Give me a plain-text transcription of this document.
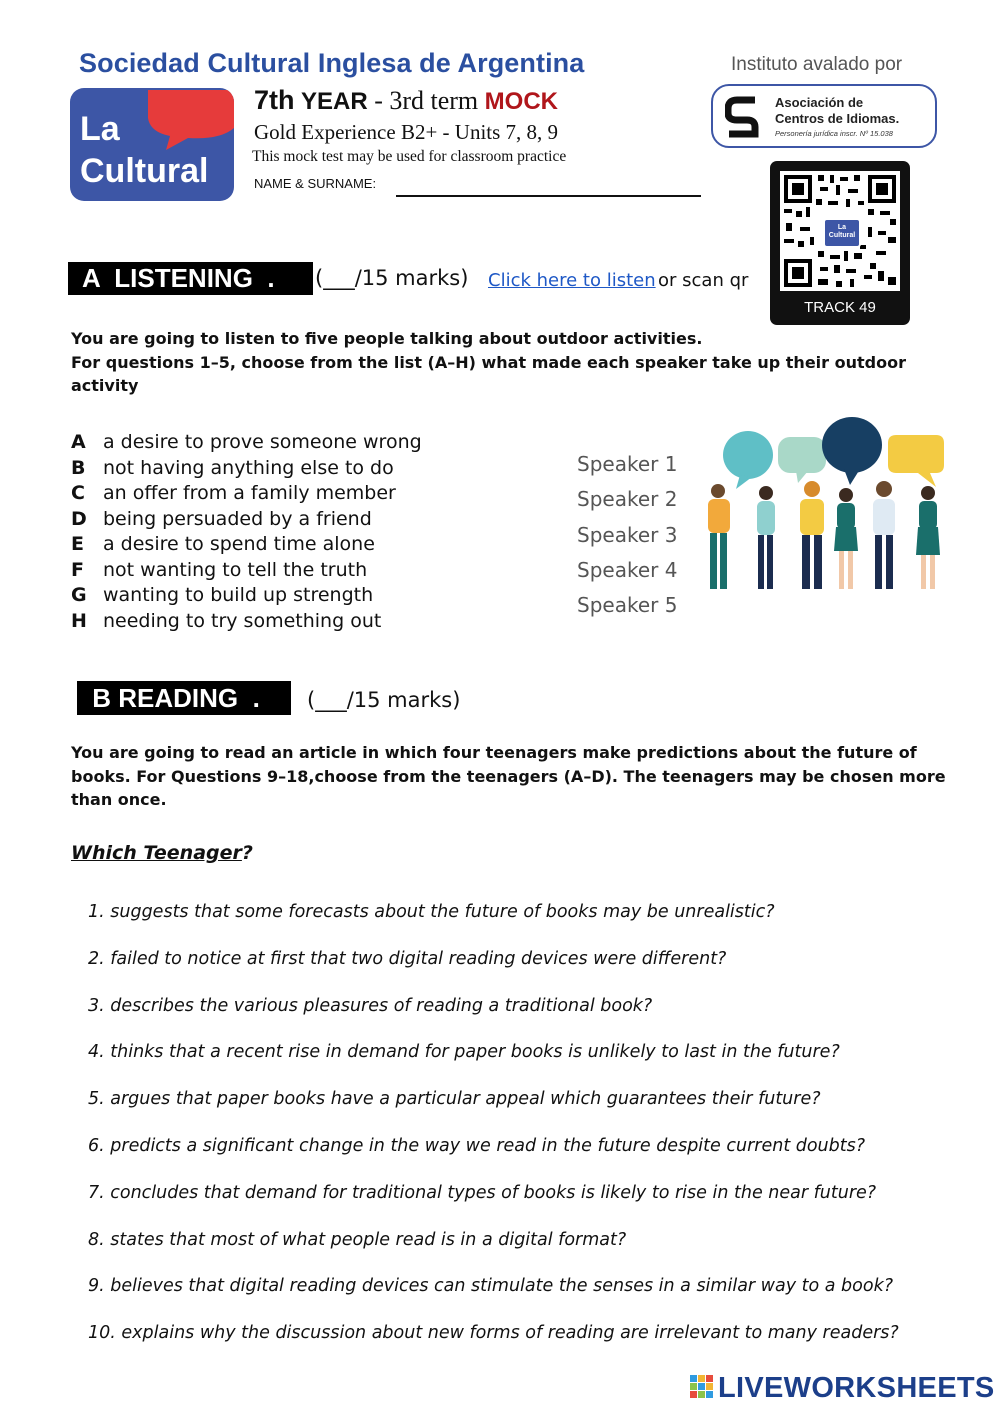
Sociedad Cultural Inglesa de Argentina
La
Cultural
7th YEAR - 3rd term MOCK
Gold Experience B2+ - Units 7, 8, 9
This mock test may be used for classroom practice
NAME & SURNAME:
Instituto avalado por
Asociación de
Centros de Idiomas.
Personería jurídica inscr. Nº 15.038
La
Cultural
TRACK 49
A  LISTENING  .	(___/15 marks) Click here to listen or scan qr
You are going to listen to five people talking about outdoor activities.
For questions 1–5, choose from the list (A–H) what made each speaker take up their outdoor activity
A a desire to prove someone wrong
B not having anything else to do
C an offer from a family member
D being persuaded by a friend
E a desire to spend time alone
F not wanting to tell the truth
G wanting to build up strength
H needing to try something out
Speaker 1
Speaker 2
Speaker 3
Speaker 4
Speaker 5
B READING  .	(___/15 marks)
You are going to read an article in which four teenagers make predictions about the future of books. For Questions 9–18,choose from the teenagers (A–D). The teenagers may be chosen more than once.
Which Teenager?
1. suggests that some forecasts about the future of books may be unrealistic?
2. failed to notice at first that two digital reading devices were different?
3. describes the various pleasures of reading a traditional book?
4. thinks that a recent rise in demand for paper books is unlikely to last in the future?
5. argues that paper books have a particular appeal which guarantees their future?
6. predicts a significant change in the way we read in the future despite current doubts?
7. concludes that demand for traditional types of books is likely to rise in the near future?
8. states that most of what people read is in a digital format?
9. believes that digital reading devices can stimulate the senses in a similar way to a book?
10. explains why the discussion about new forms of reading are irrelevant to many readers?
LIVEWORKSHEETS
